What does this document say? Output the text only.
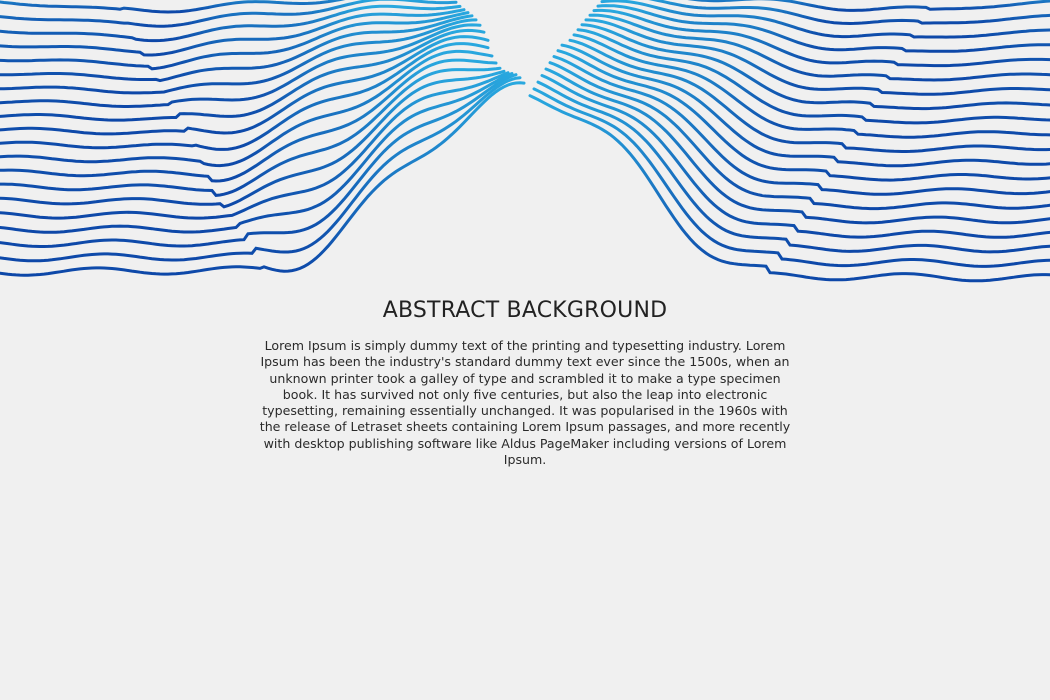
ABSTRACT BACKGROUND
Lorem Ipsum is simply dummy text of the printing and typesetting industry. Lorem Ipsum has been the industry's standard dummy text ever since the 1500s, when an unknown printer took a galley of type and scrambled it to make a type specimen book. It has survived not only five centuries, but also the leap into electronic typesetting, remaining essentially unchanged. It was popularised in the 1960s with the release of Letraset sheets containing Lorem Ipsum passages, and more recently with desktop publishing software like Aldus PageMaker including versions of Lorem Ipsum.
